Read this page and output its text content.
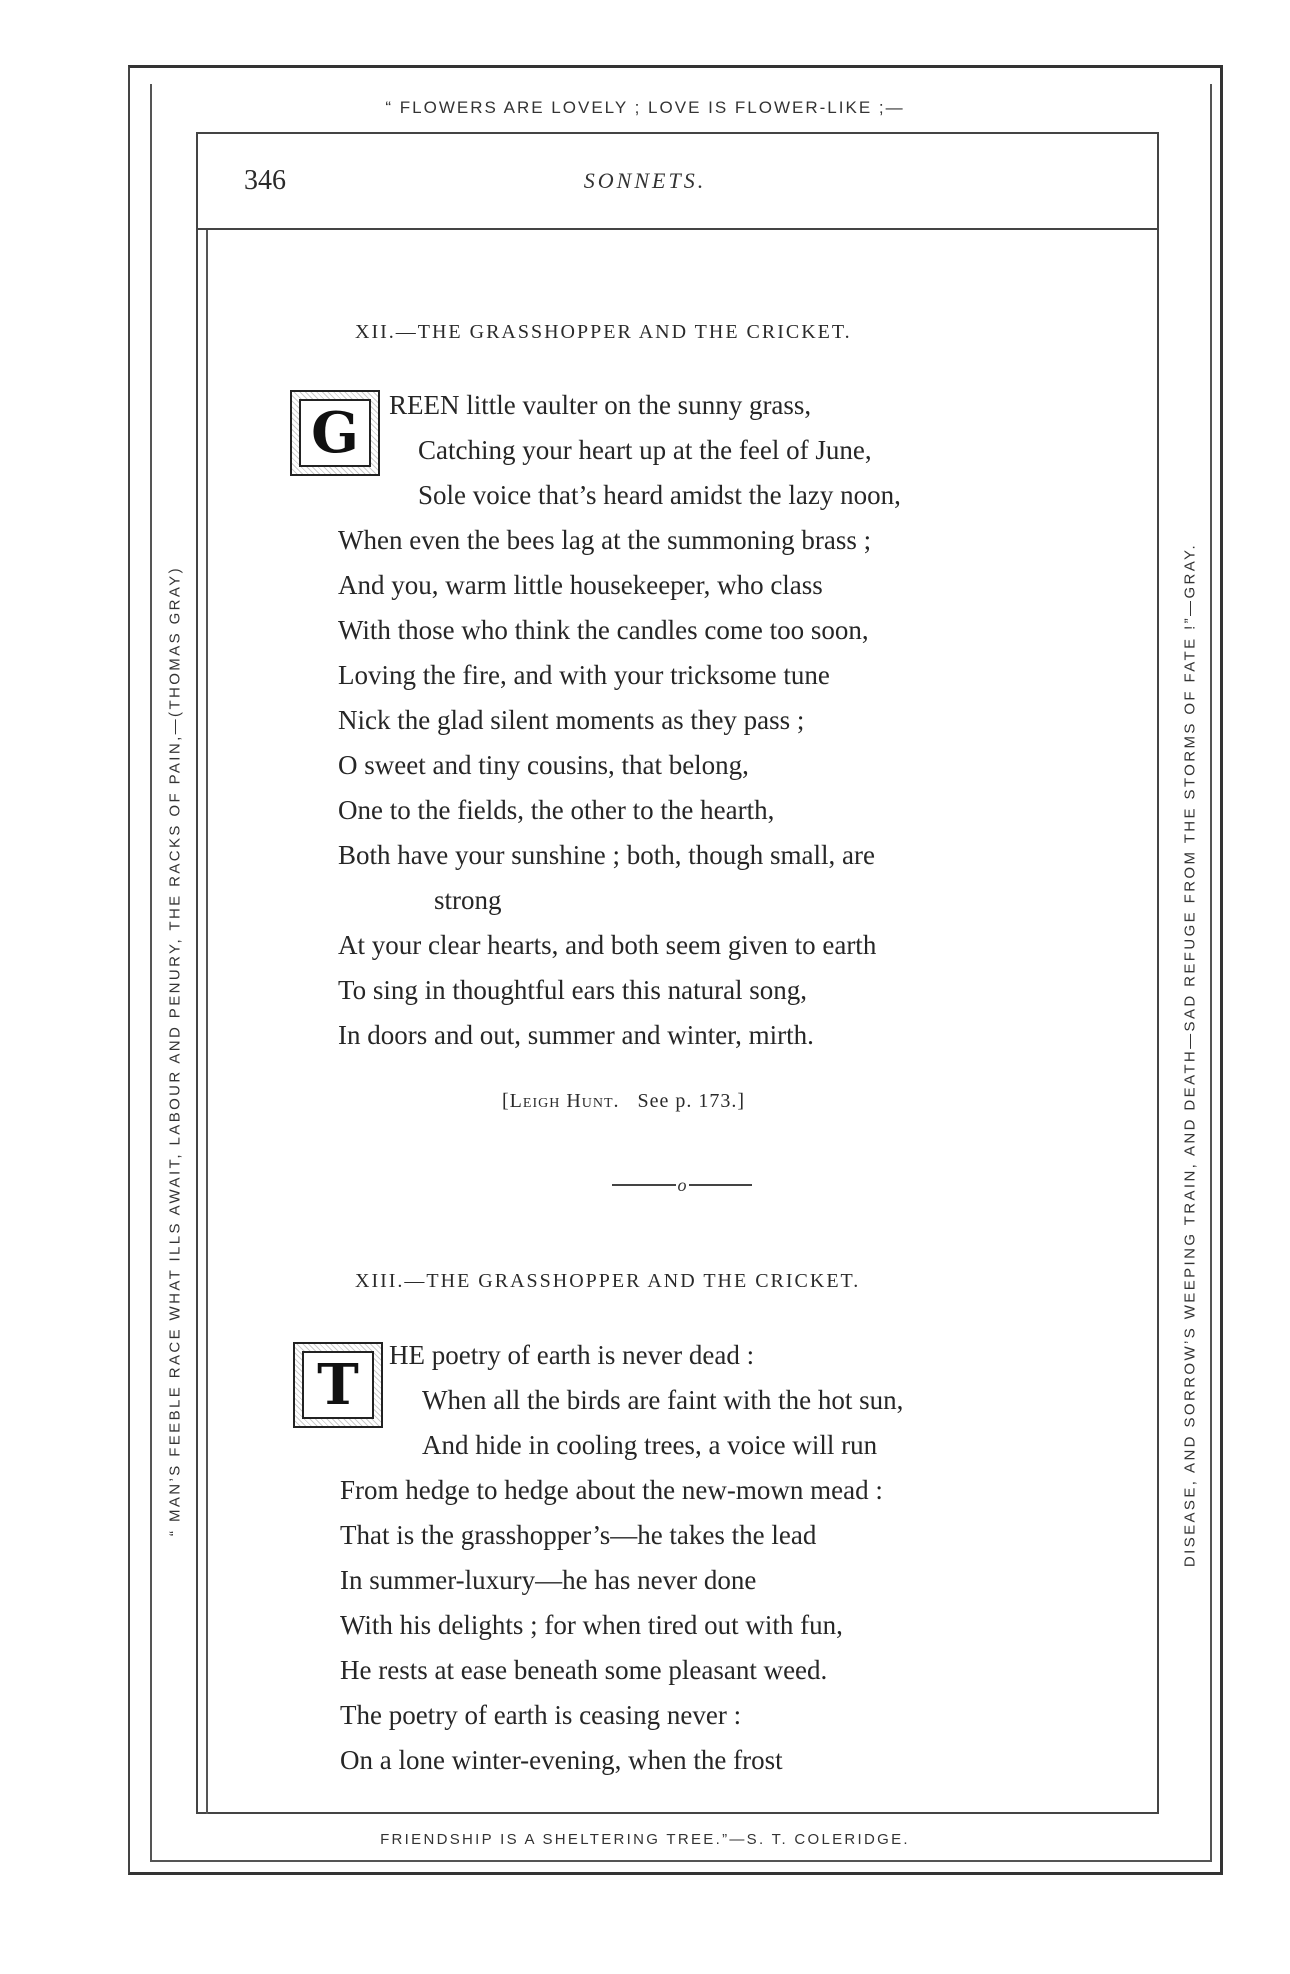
“ FLOWERS ARE LOVELY ; LOVE IS FLOWER-LIKE ;—
FRIENDSHIP IS A SHELTERING TREE.”—S. T. COLERIDGE.
“ MAN’S FEEBLE RACE WHAT ILLS AWAIT, LABOUR AND PENURY, THE RACKS OF PAIN,—(THOMAS GRAY)	DISEASE, AND SORROW’S WEEPING TRAIN, AND DEATH—SAD REFUGE FROM THE STORMS OF FATE !”—GRAY.
346	SONNETS.
XII.—THE GRASSHOPPER AND THE CRICKET.
G	REEN little vaulter on the sunny grass,
Catching your heart up at the feel of June,
Sole voice that’s heard amidst the lazy noon,
When even the bees lag at the summoning brass ;
And you, warm little housekeeper, who class
With those who think the candles come too soon,
Loving the fire, and with your tricksome tune
Nick the glad silent moments as they pass ;
O sweet and tiny cousins, that belong,
One to the fields, the other to the hearth,
Both have your sunshine ; both, though small, are
strong
At your clear hearts, and both seem given to earth
To sing in thoughtful ears this natural song,
In doors and out, summer and winter, mirth.
[Leigh Hunt. See p. 173.]
o
XIII.—THE GRASSHOPPER AND THE CRICKET.
T	HE poetry of earth is never dead :
When all the birds are faint with the hot sun,
And hide in cooling trees, a voice will run
From hedge to hedge about the new-mown mead :
That is the grasshopper’s—he takes the lead
In summer-luxury—he has never done
With his delights ; for when tired out with fun,
He rests at ease beneath some pleasant weed.
The poetry of earth is ceasing never :
On a lone winter-evening, when the frost
